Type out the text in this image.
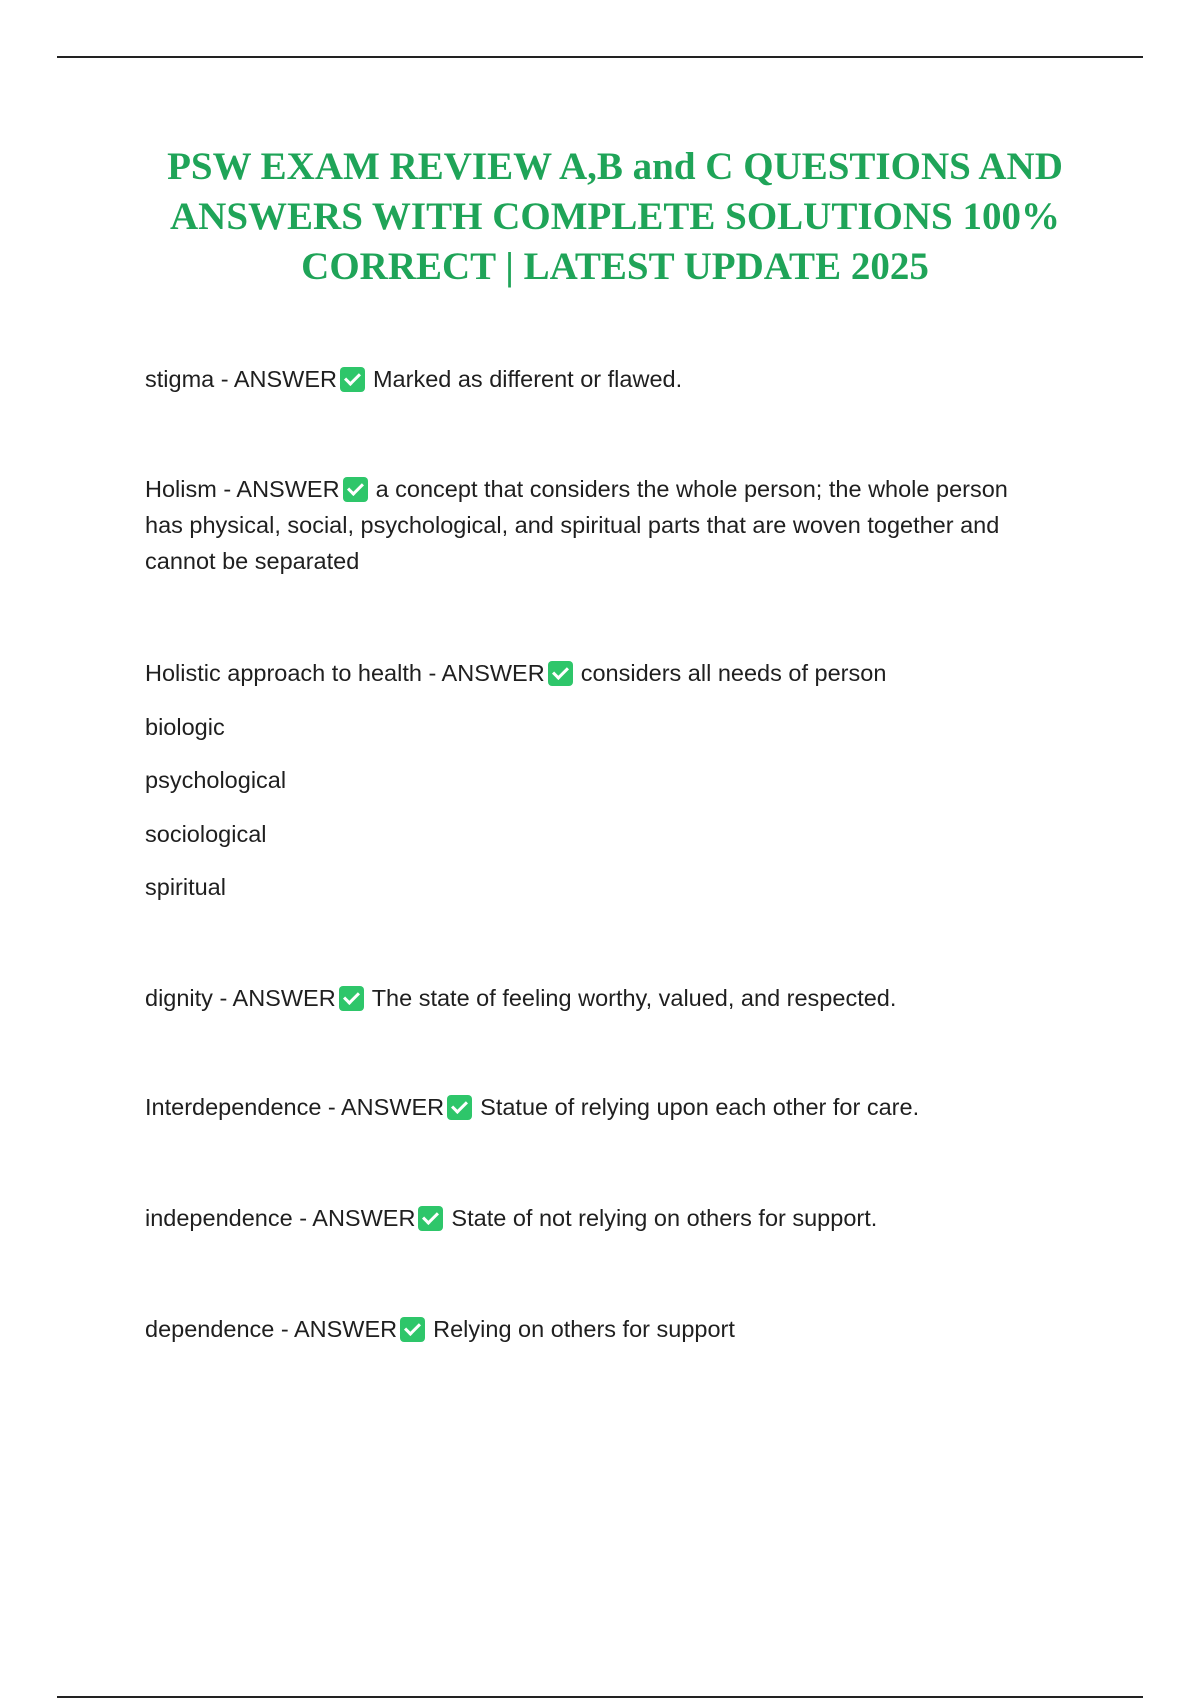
PSW EXAM REVIEW A,B and C QUESTIONS AND ANSWERS WITH COMPLETE SOLUTIONS 100% CORRECT | LATEST UPDATE 2025

stigma - ANSWER Marked as different or flawed.

Holism - ANSWER a concept that considers the whole person; the whole person has physical, social, psychological, and spiritual parts that are woven together and cannot be separated

Holistic approach to health - ANSWER considers all needs of person

biologic

psychological

sociological

spiritual

dignity - ANSWER The state of feeling worthy, valued, and respected.

Interdependence - ANSWER Statue of relying upon each other for care.

independence - ANSWER State of not relying on others for support.

dependence - ANSWER Relying on others for support
